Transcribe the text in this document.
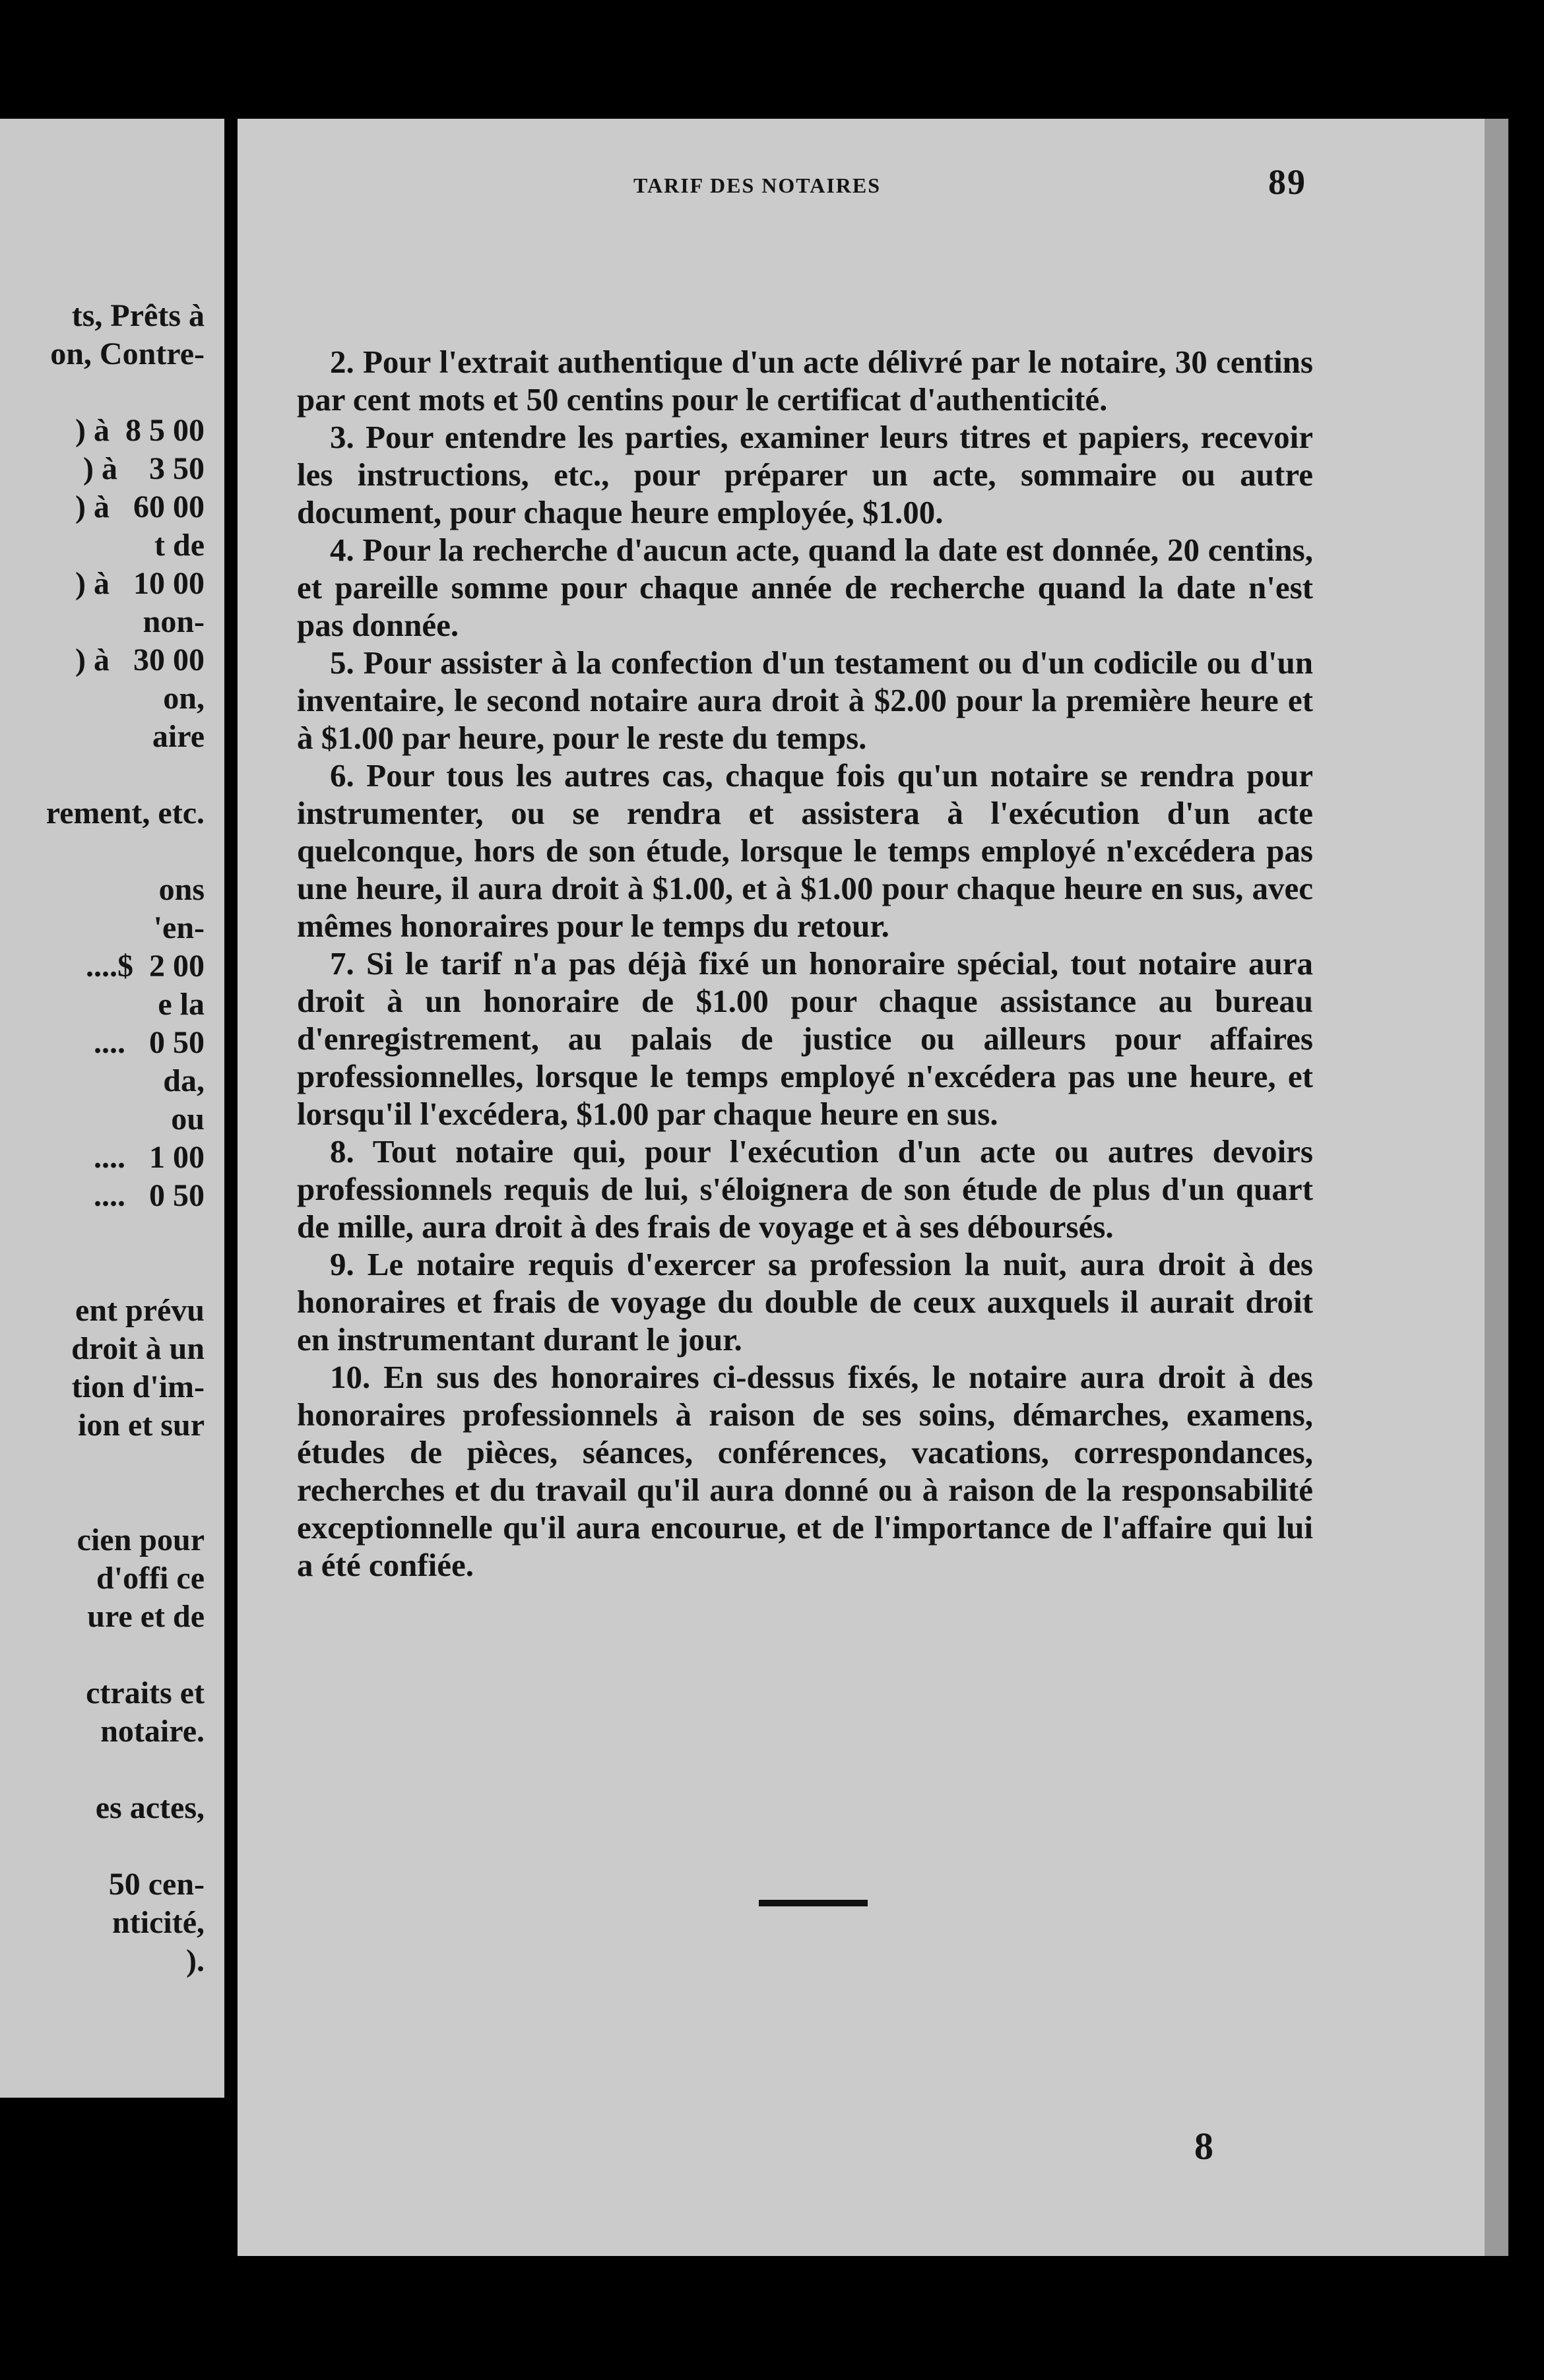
ts, Prêts à
on, Contre-

) à  8 5 00
) à    3 50
) à   60 00
t de
) à   10 00
non-
) à   30 00
on,
aire

rement, etc.

ons
'en-
....$  2 00
e la
....   0 50
da,
ou
....   1 00
....   0 50

ent prévu
droit à un
tion d'im-
ion et sur

cien pour
d'offi ce
ure et de

ctraits et
notaire.

es actes,

50 cen-
nticité,
).
TARIF DES NOTAIRES	89

2. Pour l'extrait authentique d'un acte délivré par le notaire, 30 centins par cent mots et 50 centins pour le certificat d'authenticité.

3. Pour entendre les parties, examiner leurs titres et papiers, recevoir les instructions, etc., pour préparer un acte, sommaire ou autre document, pour chaque heure employée, $1.00.

4. Pour la recherche d'aucun acte, quand la date est donnée, 20 centins, et pareille somme pour chaque année de recherche quand la date n'est pas donnée.

5. Pour assister à la confection d'un testament ou d'un codicile ou d'un inventaire, le second notaire aura droit à $2.00 pour la première heure et à $1.00 par heure, pour le reste du temps.

6. Pour tous les autres cas, chaque fois qu'un notaire se rendra pour instrumenter, ou se rendra et assistera à l'exécution d'un acte quelconque, hors de son étude, lorsque le temps employé n'excédera pas une heure, il aura droit à $1.00, et à $1.00 pour chaque heure en sus, avec mêmes honoraires pour le temps du retour.

7. Si le tarif n'a pas déjà fixé un honoraire spécial, tout notaire aura droit à un honoraire de $1.00 pour chaque assistance au bureau d'enregistrement, au palais de justice ou ailleurs pour affaires professionnelles, lorsque le temps employé n'excédera pas une heure, et lorsqu'il l'excédera, $1.00 par chaque heure en sus.

8. Tout notaire qui, pour l'exécution d'un acte ou autres devoirs professionnels requis de lui, s'éloignera de son étude de plus d'un quart de mille, aura droit à des frais de voyage et à ses déboursés.

9. Le notaire requis d'exercer sa profession la nuit, aura droit à des honoraires et frais de voyage du double de ceux auxquels il aurait droit en instrumentant durant le jour.

10. En sus des honoraires ci-dessus fixés, le notaire aura droit à des honoraires professionnels à raison de ses soins, démarches, examens, études de pièces, séances, conférences, vacations, correspondances, recherches et du travail qu'il aura donné ou à raison de la responsabilité exceptionnelle qu'il aura encourue, et de l'importance de l'affaire qui lui a été confiée.

8
